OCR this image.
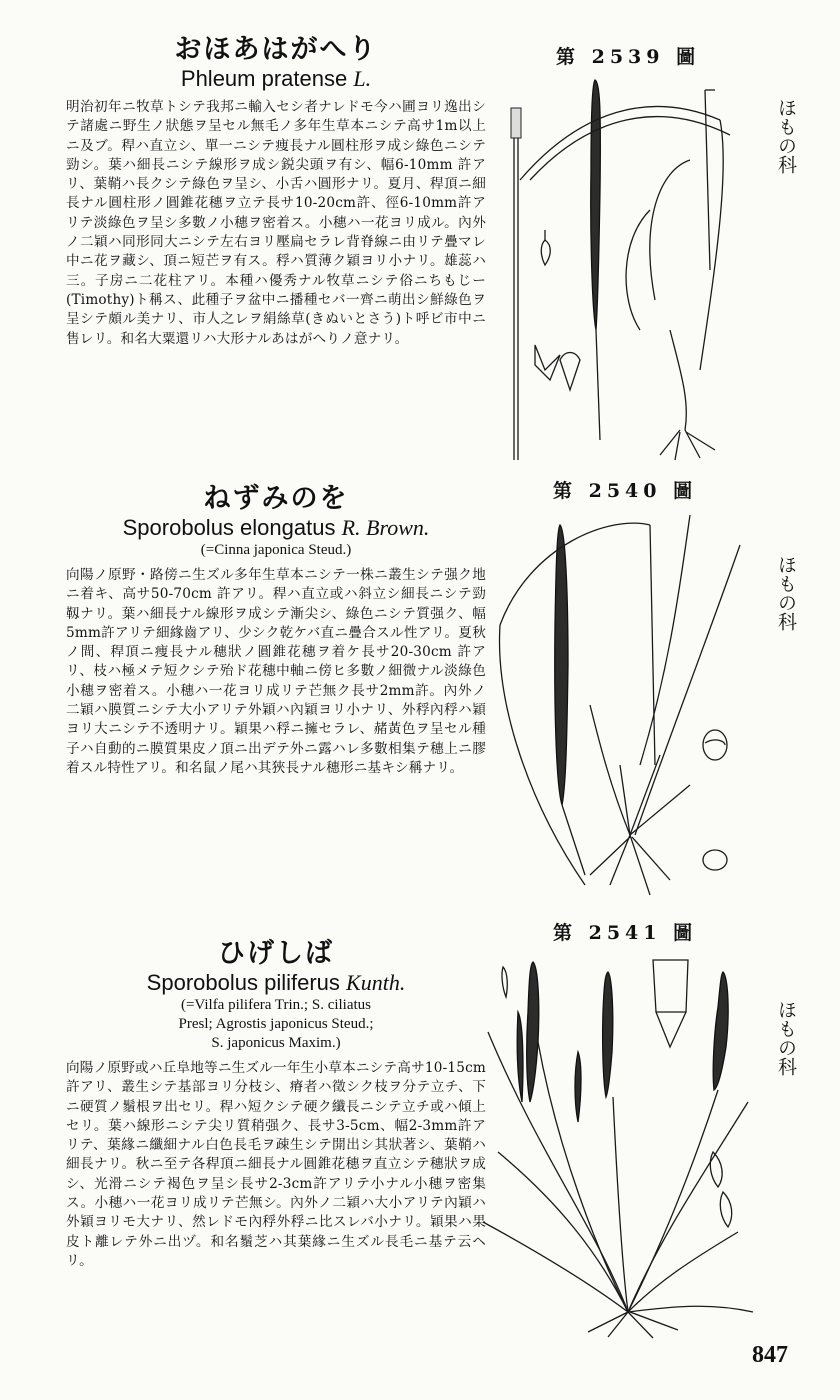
おほあはがへり
Phleum pratense L.
明治初年ニ牧草トシテ我邦ニ輸入セシ者ナレドモ今ハ圃ヨリ逸出シテ諸處ニ野生ノ狀態ヲ呈セル無毛ノ多年生草本ニシテ高サ1m以上ニ及ブ。稈ハ直立シ、單一ニシテ痩長ナル圓柱形ヲ成シ綠色ニシテ勁シ。葉ハ細長ニシテ線形ヲ成シ鋭尖頭ヲ有シ、幅6-10mm 許アリ、葉鞘ハ長クシテ綠色ヲ呈シ、小舌ハ圓形ナリ。夏月、稈頂ニ細長ナル圓柱形ノ圓錐花穗ヲ立テ長サ10-20cm許、徑6-10mm許アリテ淡綠色ヲ呈シ多數ノ小穗ヲ密着ス。小穗ハ一花ヨリ成ル。內外ノ二穎ハ同形同大ニシテ左右ヨリ壓扁セラレ背脊線ニ由リテ疊マレ中ニ花ヲ藏シ、頂ニ短芒ヲ有ス。稃ハ質薄ク穎ヨリ小ナリ。雄蕊ハ三。子房ニ二花柱アリ。本種ハ優秀ナル牧草ニシテ俗ニちもじー(Timothy)ト稱ス、此種子ヲ盆中ニ播種セバ一齊ニ萌出シ鮮綠色ヲ呈シテ頗ル美ナリ、市人之レヲ絹絲草(きぬいとさう)ト呼ビ市中ニ售レリ。和名大粟還リハ大形ナルあはがへりノ意ナリ。
ねずみのを
Sporobolus elongatus R. Brown.
(=Cinna japonica Steud.)
向陽ノ原野・路傍ニ生ズル多年生草本ニシテ一株ニ叢生シテ强ク地ニ着キ、高サ50-70cm 許アリ。稈ハ直立或ハ斜立シ細長ニシテ勁靱ナリ。葉ハ細長ナル線形ヲ成シテ漸尖シ、綠色ニシテ質强ク、幅5mm許アリテ細緣齒アリ、少シク乾ケバ直ニ疊合スル性アリ。夏秋ノ間、稈頂ニ痩長ナル穗狀ノ圓錐花穗ヲ着ケ長サ20-30cm 許アリ、枝ハ極メテ短クシテ殆ド花穗中軸ニ傍ヒ多數ノ細微ナル淡綠色小穗ヲ密着ス。小穗ハ一花ヨリ成リテ芒無ク長サ2mm許。內外ノ二穎ハ膜質ニシテ大小アリテ外穎ハ內穎ヨリ小ナリ、外稃內稃ハ穎ヨリ大ニシテ不透明ナリ。穎果ハ稃ニ擁セラレ、赭黃色ヲ呈セル種子ハ自動的ニ膜質果皮ノ頂ニ出デテ外ニ露ハレ多數相集テ穗上ニ膠着スル特性アリ。和名鼠ノ尾ハ其狹長ナル穗形ニ基キシ稱ナリ。
ひげしば
Sporobolus piliferus Kunth.
(=Vilfa pilifera Trin.; S. ciliatus
Presl; Agrostis japonicus Steud.;
S. japonicus Maxim.)
向陽ノ原野或ハ丘阜地等ニ生ズル一年生小草本ニシテ高サ10-15cm許アリ、叢生シテ基部ヨリ分枝シ、瘠者ハ徵シク枝ヲ分テ立チ、下ニ硬質ノ鬚根ヲ出セリ。稈ハ短クシテ硬ク纖長ニシテ立チ或ハ傾上セリ。葉ハ線形ニシテ尖リ質稍强ク、長サ3-5cm、幅2-3mm許アリテ、葉緣ニ纖細ナル白色長毛ヲ疎生シテ開出シ其狀著シ、葉鞘ハ細長ナリ。秋ニ至テ各稈頂ニ細長ナル圓錐花穗ヲ直立シテ穗狀ヲ成シ、光滑ニシテ褐色ヲ呈シ長サ2-3cm許アリテ小ナル小穗ヲ密集ス。小穗ハ一花ヨリ成リテ芒無シ。內外ノ二穎ハ大小アリテ內穎ハ外穎ヨリモ大ナリ、然レドモ內稃外稃ニ比スレバ小ナリ。穎果ハ果皮ト離レテ外ニ出ヅ。和名鬚芝ハ其葉緣ニ生ズル長毛ニ基テ云ヘリ。
第 2539 圖
第 2540 圖
第 2541 圖
ほもの科
ほもの科
ほもの科
847
